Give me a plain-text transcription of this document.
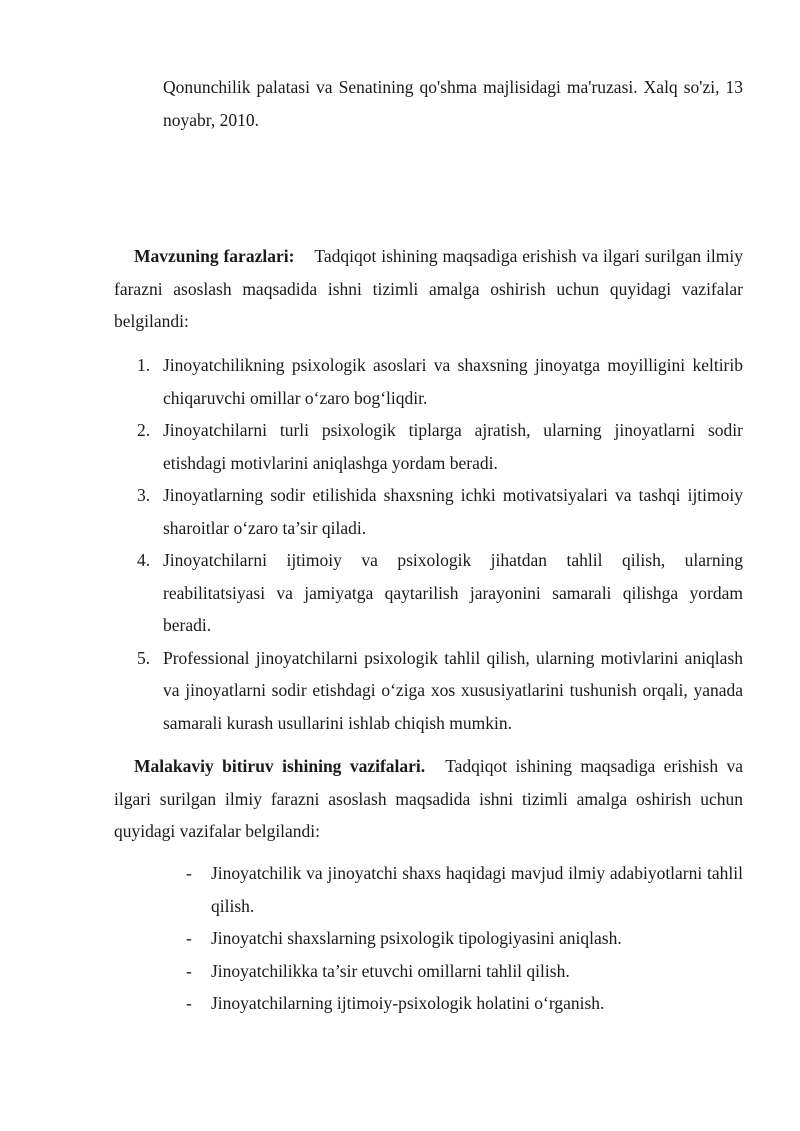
Qonunchilik palatasi va Senatining qo'shma majlisidagi ma'ruzasi. Xalq so'zi, 13 noyabr, 2010.
Mavzuning farazlari: Tadqiqot ishining maqsadiga erishish va ilgari surilgan ilmiy farazni asoslash maqsadida ishni tizimli amalga oshirish uchun quyidagi vazifalar belgilandi:
1. Jinoyatchilikning psixologik asoslari va shaxsning jinoyatga moyilligini keltirib chiqaruvchi omillar o‘zaro bog‘liqdir.
2. Jinoyatchilarni turli psixologik tiplarga ajratish, ularning jinoyatlarni sodir etishdagi motivlarini aniqlashga yordam beradi.
3. Jinoyatlarning sodir etilishida shaxsning ichki motivatsiyalari va tashqi ijtimoiy sharoitlar o‘zaro ta’sir qiladi.
4. Jinoyatchilarni ijtimoiy va psixologik jihatdan tahlil qilish, ularning reabilitatsiyasi va jamiyatga qaytarilish jarayonini samarali qilishga yordam beradi.
5. Professional jinoyatchilarni psixologik tahlil qilish, ularning motivlarini aniqlash va jinoyatlarni sodir etishdagi o‘ziga xos xususiyatlarini tushunish orqali, yanada samarali kurash usullarini ishlab chiqish mumkin.
Malakaviy bitiruv ishining vazifalari. Tadqiqot ishining maqsadiga erishish va ilgari surilgan ilmiy farazni asoslash maqsadida ishni tizimli amalga oshirish uchun quyidagi vazifalar belgilandi:
- Jinoyatchilik va jinoyatchi shaxs haqidagi mavjud ilmiy adabiyotlarni tahlil qilish.
- Jinoyatchi shaxslarning psixologik tipologiyasini aniqlash.
- Jinoyatchilikka ta’sir etuvchi omillarni tahlil qilish.
- Jinoyatchilarning ijtimoiy-psixologik holatini o‘rganish.
